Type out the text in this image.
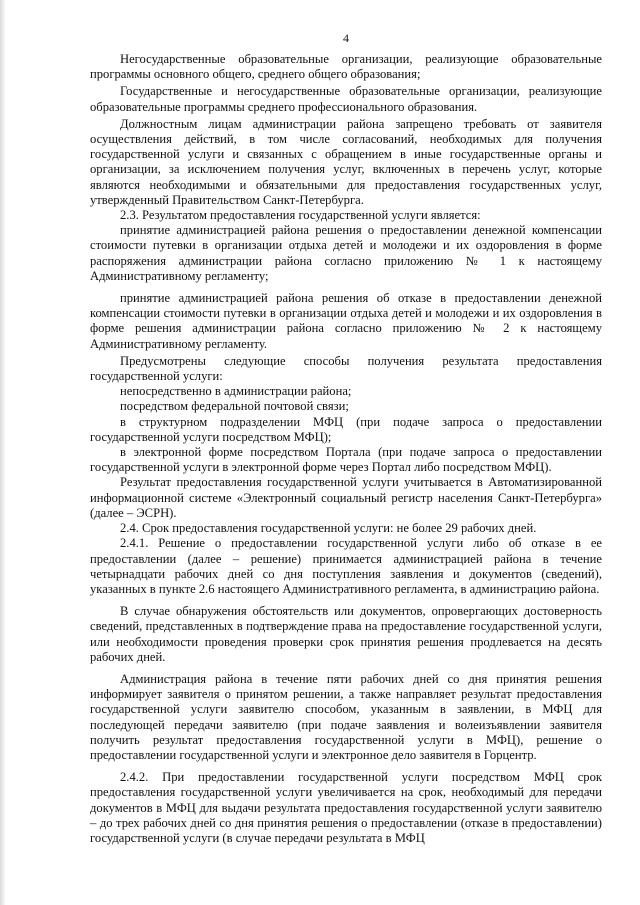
4

Негосударственные образовательные организации, реализующие образовательные программы основного общего, среднего общего образования;

Государственные и негосударственные образовательные организации, реализующие образовательные программы среднего профессионального образования.

Должностным лицам администрации района запрещено требовать от заявителя осуществления действий, в том числе согласований, необходимых для получения государственной услуги и связанных с обращением в иные государственные органы и организации, за исключением получения услуг, включенных в перечень услуг, которые являются необходимыми и обязательными для предоставления государственных услуг, утвержденный Правительством Санкт-Петербурга.

2.3. Результатом предоставления государственной услуги является:

принятие администрацией района решения о предоставлении денежной компенсации стоимости путевки в организации отдыха детей и молодежи и их оздоровления в форме распоряжения администрации района согласно приложению № 1 к настоящему Административному регламенту;

принятие администрацией района решения об отказе в предоставлении денежной компенсации стоимости путевки в организации отдыха детей и молодежи и их оздоровления в форме решения администрации района согласно приложению № 2 к настоящему Административному регламенту.

Предусмотрены следующие способы получения результата предоставления государственной услуги:

непосредственно в администрации района;

посредством федеральной почтовой связи;

в структурном подразделении МФЦ (при подаче запроса о предоставлении государственной услуги посредством МФЦ);

в электронной форме посредством Портала (при подаче запроса о предоставлении государственной услуги в электронной форме через Портал либо посредством МФЦ).

Результат предоставления государственной услуги учитывается в Автоматизированной информационной системе «Электронный социальный регистр населения Санкт-Петербурга» (далее – ЭСРН).

2.4. Срок предоставления государственной услуги: не более 29 рабочих дней.

2.4.1. Решение о предоставлении государственной услуги либо об отказе в ее предоставлении (далее – решение) принимается администрацией района в течение четырнадцати рабочих дней со дня поступления заявления и документов (сведений), указанных в пункте 2.6 настоящего Административного регламента, в администрацию района.

В случае обнаружения обстоятельств или документов, опровергающих достоверность сведений, представленных в подтверждение права на предоставление государственной услуги, или необходимости проведения проверки срок принятия решения продлевается на десять рабочих дней.

Администрация района в течение пяти рабочих дней со дня принятия решения информирует заявителя о принятом решении, а также направляет результат предоставления государственной услуги заявителю способом, указанным в заявлении, в МФЦ для последующей передачи заявителю (при подаче заявления и волеизъявлении заявителя получить результат предоставления государственной услуги в МФЦ), решение о предоставлении государственной услуги и электронное дело заявителя в Горцентр.

2.4.2. При предоставлении государственной услуги посредством МФЦ срок предоставления государственной услуги увеличивается на срок, необходимый для передачи документов в МФЦ для выдачи результата предоставления государственной услуги заявителю – до трех рабочих дней со дня принятия решения о предоставлении (отказе в предоставлении) государственной услуги (в случае передачи результата в МФЦ
